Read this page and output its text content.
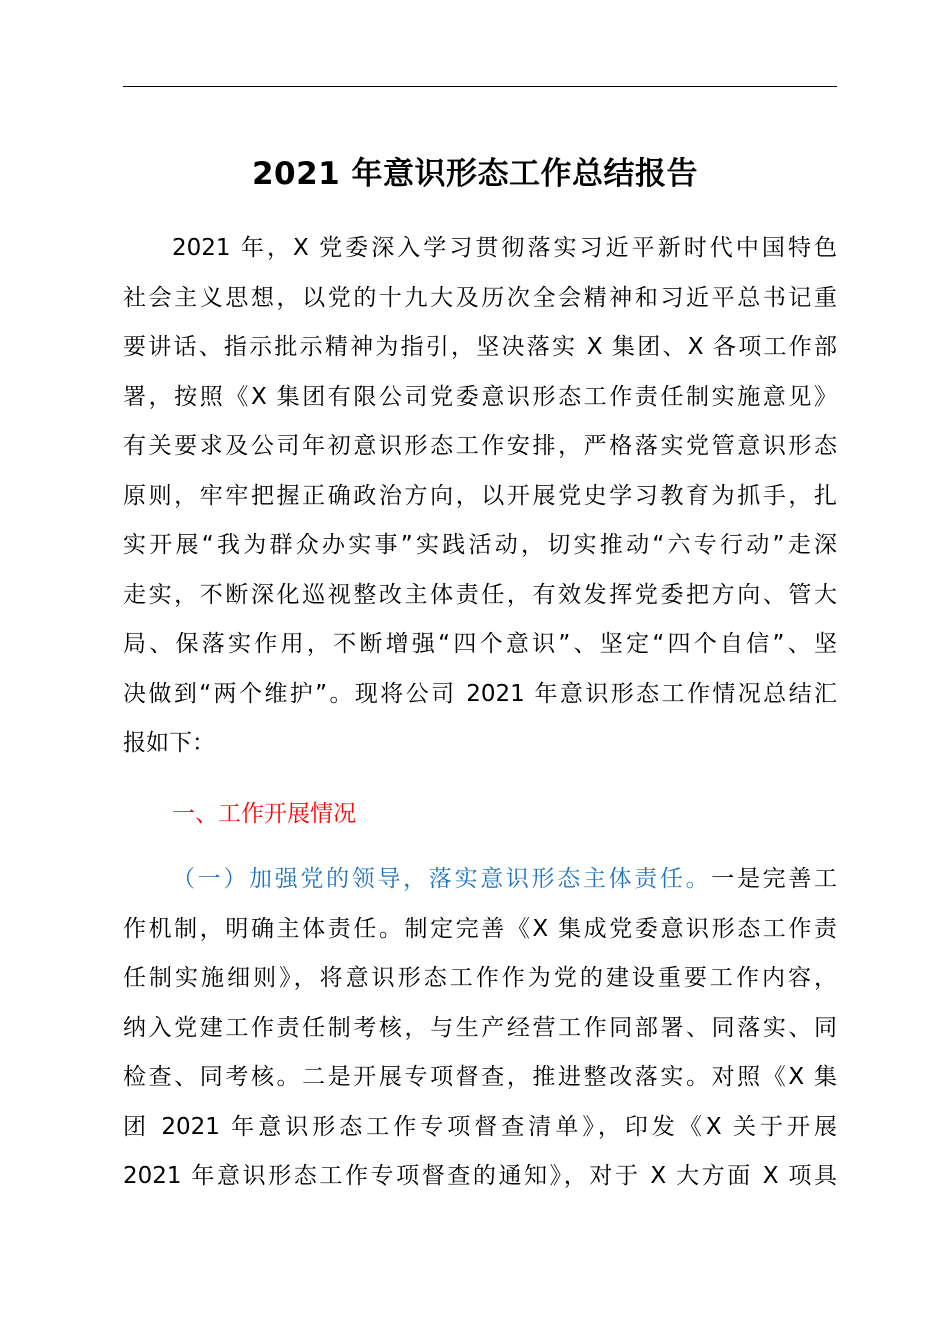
2021 年意识形态工作总结报告
2021 年，X 党委深入学习贯彻落实习近平新时代中国特色
社会主义思想，以党的十九大及历次全会精神和习近平总书记重
要讲话、指示批示精神为指引，坚决落实 X 集团、X 各项工作部
署，按照《X 集团有限公司党委意识形态工作责任制实施意见》
有关要求及公司年初意识形态工作安排，严格落实党管意识形态
原则，牢牢把握正确政治方向，以开展党史学习教育为抓手，扎
实开展“我为群众办实事”实践活动，切实推动“六专行动”走深
走实，不断深化巡视整改主体责任，有效发挥党委把方向、管大
局、保落实作用，不断增强“四个意识”、坚定“四个自信”、坚
决做到“两个维护”。现将公司 2021 年意识形态工作情况总结汇
报如下：
一、工作开展情况
（一）加强党的领导，落实意识形态主体责任。一是完善工
作机制，明确主体责任。制定完善《X 集成党委意识形态工作责
任制实施细则》，将意识形态工作作为党的建设重要工作内容，
纳入党建工作责任制考核，与生产经营工作同部署、同落实、同
检查、同考核。二是开展专项督查，推进整改落实。对照《X 集
团 2021 年意识形态工作专项督查清单》，印发《X 关于开展
2021 年意识形态工作专项督查的通知》，对于 X 大方面 X 项具
